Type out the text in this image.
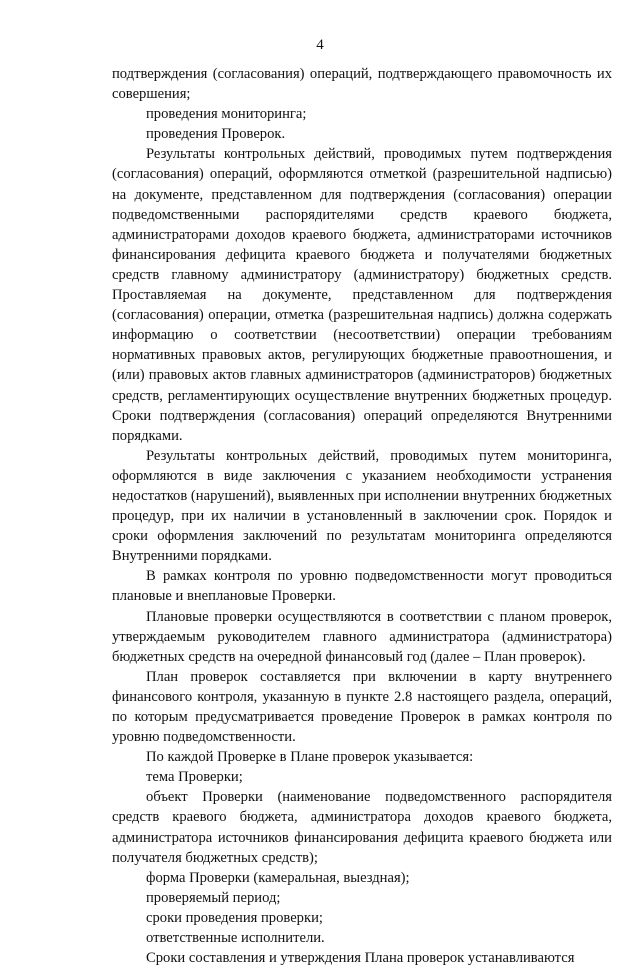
4

подтверждения (согласования) операций, подтверждающего правомочность их совершения;

проведения мониторинга;

проведения Проверок.

Результаты контрольных действий, проводимых путем подтверждения (согласования) операций, оформляются отметкой (разрешительной надписью) на документе, представленном для подтверждения (согласования) операции подведомственными распорядителями средств краевого бюджета, администраторами доходов краевого бюджета, администраторами источников финансирования дефицита краевого бюджета и получателями бюджетных средств главному администратору (администратору) бюджетных средств. Проставляемая на документе, представленном для подтверждения (согласования) операции, отметка (разрешительная надпись) должна содержать информацию о соответствии (несоответствии) операции требованиям нормативных правовых актов, регулирующих бюджетные правоотношения, и (или) правовых актов главных администраторов (администраторов) бюджетных средств, регламентирующих осуществление внутренних бюджетных процедур. Сроки подтверждения (согласования) операций определяются Внутренними порядками.

Результаты контрольных действий, проводимых путем мониторинга, оформляются в виде заключения с указанием необходимости устранения недостатков (нарушений), выявленных при исполнении внутренних бюджетных процедур, при их наличии в установленный в заключении срок. Порядок и сроки оформления заключений по результатам мониторинга определяются Внутренними порядками.

В рамках контроля по уровню подведомственности могут проводиться плановые и внеплановые Проверки.

Плановые проверки осуществляются в соответствии с планом проверок, утверждаемым руководителем главного администратора (администратора) бюджетных средств на очередной финансовый год (далее – План проверок).

План проверок составляется при включении в карту внутреннего финансового контроля, указанную в пункте 2.8 настоящего раздела, операций, по которым предусматривается проведение Проверок в рамках контроля по уровню подведомственности.

По каждой Проверке в Плане проверок указывается:

тема Проверки;

объект Проверки (наименование подведомственного распорядителя средств краевого бюджета, администратора доходов краевого бюджета, администратора источников финансирования дефицита краевого бюджета или получателя бюджетных средств);

форма Проверки (камеральная, выездная);

проверяемый период;

сроки проведения проверки;

ответственные исполнители.

Сроки составления и утверждения Плана проверок устанавливаются
